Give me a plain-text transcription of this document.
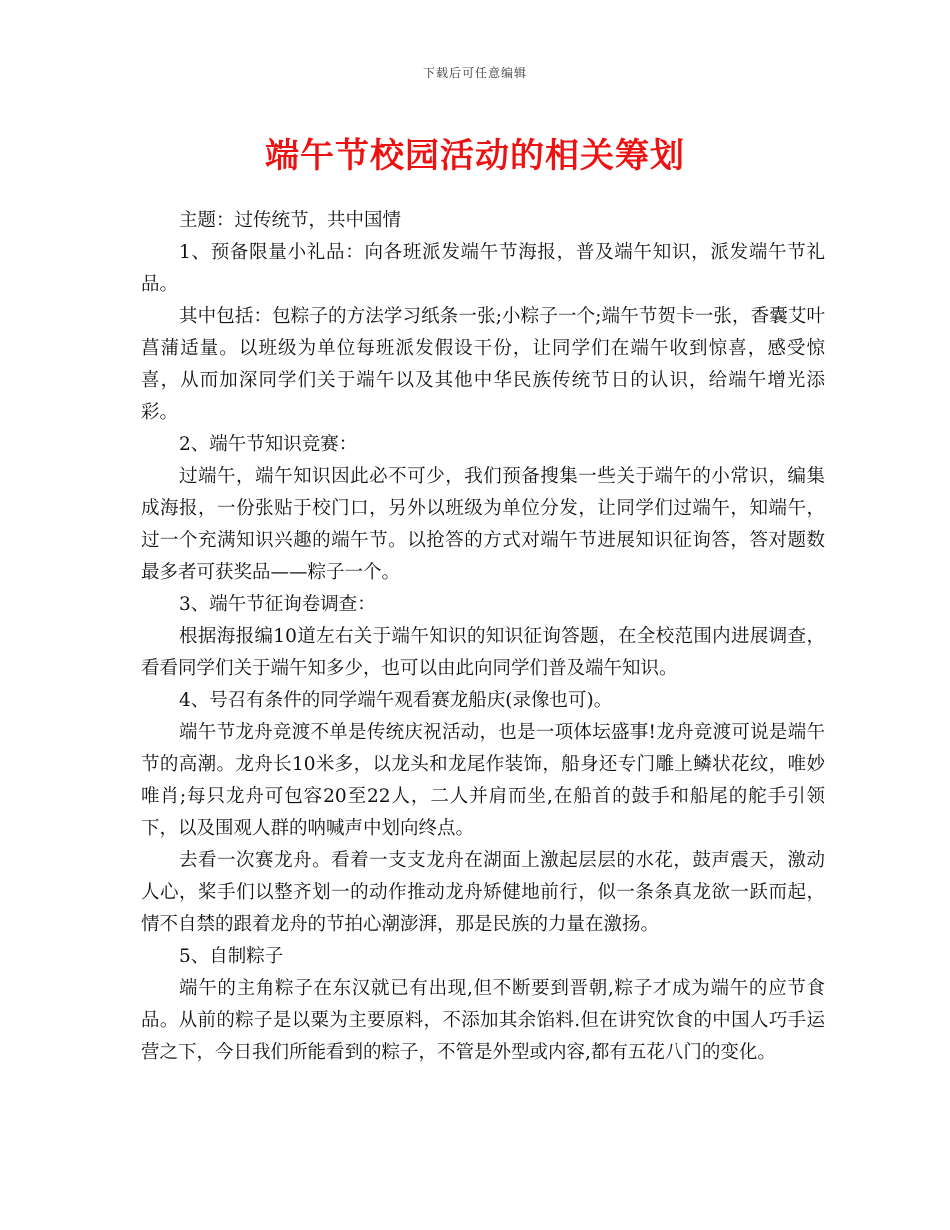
下载后可任意编辑
端午节校园活动的相关筹划

主题：过传统节，共中国情

1、预备限量小礼品：向各班派发端午节海报，普及端午知识，派发端午节礼品。

其中包括：包粽子的方法学习纸条一张;小粽子一个;端午节贺卡一张，香囊艾叶菖蒲适量。以班级为单位每班派发假设干份，让同学们在端午收到惊喜，感受惊喜，从而加深同学们关于端午以及其他中华民族传统节日的认识，给端午增光添彩。

2、端午节知识竞赛：

过端午，端午知识因此必不可少，我们预备搜集一些关于端午的小常识，编集成海报，一份张贴于校门口，另外以班级为单位分发，让同学们过端午，知端午，过一个充满知识兴趣的端午节。以抢答的方式对端午节进展知识征询答，答对题数最多者可获奖品——粽子一个。

3、端午节征询卷调查：

根据海报编10道左右关于端午知识的知识征询答题，在全校范围内进展调查，看看同学们关于端午知多少，也可以由此向同学们普及端午知识。

4、号召有条件的同学端午观看赛龙船庆(录像也可)。

端午节龙舟竞渡不单是传统庆祝活动，也是一项体坛盛事!龙舟竞渡可说是端午节的高潮。龙舟长10米多，以龙头和龙尾作装饰，船身还专门雕上鳞状花纹，唯妙唯肖;每只龙舟可包容20至22人，二人并肩而坐,在船首的鼓手和船尾的舵手引领下，以及围观人群的呐喊声中划向终点。

去看一次赛龙舟。看着一支支龙舟在湖面上激起层层的水花，鼓声震天，激动人心，桨手们以整齐划一的动作推动龙舟矫健地前行，似一条条真龙欲一跃而起，情不自禁的跟着龙舟的节拍心潮澎湃，那是民族的力量在激扬。

5、自制粽子

端午的主角粽子在东汉就已有出现,但不断要到晋朝,粽子才成为端午的应节食品。从前的粽子是以粟为主要原料，不添加其余馅料.但在讲究饮食的中国人巧手运营之下，今日我们所能看到的粽子，不管是外型或内容,都有五花八门的变化。
